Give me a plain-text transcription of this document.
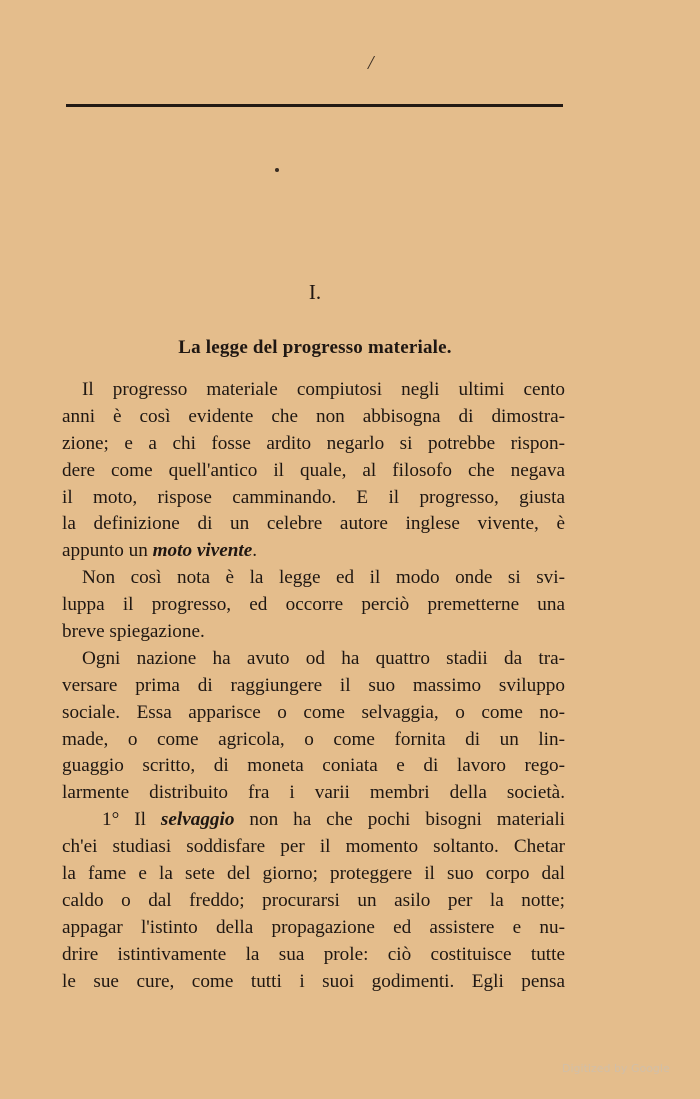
/
I.
La legge del progresso materiale.
Il progresso materiale compiutosi negli ultimi cento
anni è così evidente che non abbisogna di dimostra-
zione; e a chi fosse ardito negarlo si potrebbe rispon-
dere come quell'antico il quale, al filosofo che negava
il moto, rispose camminando. E il progresso, giusta
la definizione di un celebre autore inglese vivente, è
appunto un moto vivente.
Non così nota è la legge ed il modo onde si svi-
luppa il progresso, ed occorre perciò premetterne una
breve spiegazione.
Ogni nazione ha avuto od ha quattro stadii da tra-
versare prima di raggiungere il suo massimo sviluppo
sociale. Essa apparisce o come selvaggia, o come no-
made, o come agricola, o come fornita di un lin-
guaggio scritto, di moneta coniata e di lavoro rego-
larmente distribuito fra i varii membri della società.
1° Il selvaggio non ha che pochi bisogni materiali
ch'ei studiasi soddisfare per il momento soltanto. Chetar
la fame e la sete del giorno; proteggere il suo corpo dal
caldo o dal freddo; procurarsi un asilo per la notte;
appagar l'istinto della propagazione ed assistere e nu-
drire istintivamente la sua prole: ciò costituisce tutte
le sue cure, come tutti i suoi godimenti. Egli pensa
Digitized by Google
